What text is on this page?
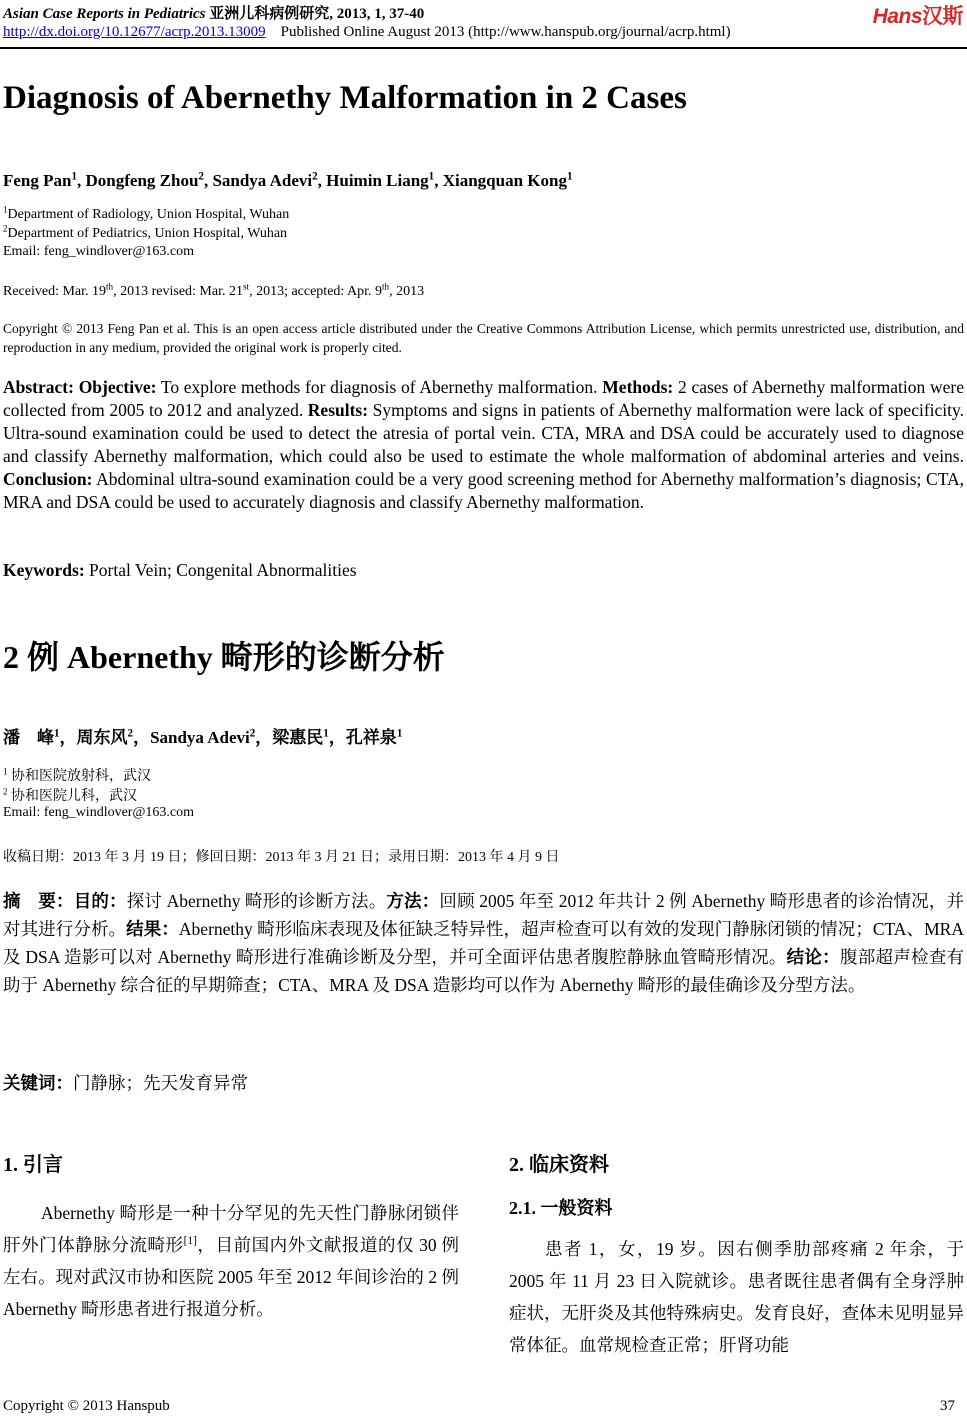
Asian Case Reports in Pediatrics 亚洲儿科病例研究, 2013, 1, 37-40	Hans汉斯
http://dx.doi.org/10.12677/acrp.2013.13009 Published Online August 2013 (http://www.hanspub.org/journal/acrp.html)
Diagnosis of Abernethy Malformation in 2 Cases
Feng Pan$^1$, Dongfeng Zhou$^2$, Sandya Adevi$^2$, Huimin Liang$^1$, Xiangquan Kong$^1$
$^1$Department of Radiology, Union Hospital, Wuhan
$^2$Department of Pediatrics, Union Hospital, Wuhan
Email: feng_windlover@163.com
Received: Mar. 19th, 2013 revised: Mar. 21st, 2013; accepted: Apr. 9th, 2013
Copyright © 2013 Feng Pan et al. This is an open access article distributed under the Creative Commons Attribution License, which permits unrestricted use, distribution, and reproduction in any medium, provided the original work is properly cited.
Abstract: Objective: To explore methods for diagnosis of Abernethy malformation. Methods: 2 cases of Abernethy malformation were collected from 2005 to 2012 and analyzed. Results: Symptoms and signs in patients of Abernethy malformation were lack of specificity. Ultra-sound examination could be used to detect the atresia of portal vein. CTA, MRA and DSA could be accurately used to diagnose and classify Abernethy malformation, which could also be used to estimate the whole malformation of abdominal arteries and veins. Conclusion: Abdominal ultra-sound examination could be a very good screening method for Abernethy malformation’s diagnosis; CTA, MRA and DSA could be used to accurately diagnosis and classify Abernethy malformation.
Keywords: Portal Vein; Congenital Abnormalities
2 例 Abernethy 畸形的诊断分析
潘　峰$^1$，周东风$^2$，Sandya Adevi$^2$，梁惠民$^1$，孔祥泉$^1$
$^1$ 协和医院放射科，武汉
$^2$ 协和医院儿科，武汉
Email: feng_windlover@163.com
收稿日期：2013 年 3 月 19 日；修回日期：2013 年 3 月 21 日；录用日期：2013 年 4 月 9 日
摘　要：目的：探讨 Abernethy 畸形的诊断方法。方法：回顾 2005 年至 2012 年共计 2 例 Abernethy 畸形患者的诊治情况，并对其进行分析。结果：Abernethy 畸形临床表现及体征缺乏特异性，超声检查可以有效的发现门静脉闭锁的情况；CTA、MRA 及 DSA 造影可以对 Abernethy 畸形进行准确诊断及分型，并可全面评估患者腹腔静脉血管畸形情况。结论：腹部超声检查有助于 Abernethy 综合征的早期筛查；CTA、MRA 及 DSA 造影均可以作为 Abernethy 畸形的最佳确诊及分型方法。
关键词：门静脉；先天发育异常
1. 引言

Abernethy 畸形是一种十分罕见的先天性门静脉闭锁伴肝外门体静脉分流畸形[1]，目前国内外文献报道的仅 30 例左右。现对武汉市协和医院 2005 年至 2012 年间诊治的 2 例 Abernethy 畸形患者进行报道分析。

2. 临床资料
2.1. 一般资料

患者 1，女，19 岁。因右侧季肋部疼痛 2 年余，于 2005 年 11 月 23 日入院就诊。患者既往患者偶有全身浮肿症状，无肝炎及其他特殊病史。发育良好，查体未见明显异常体征。血常规检查正常；肝肾功能

Copyright © 2013 Hanspub	37
